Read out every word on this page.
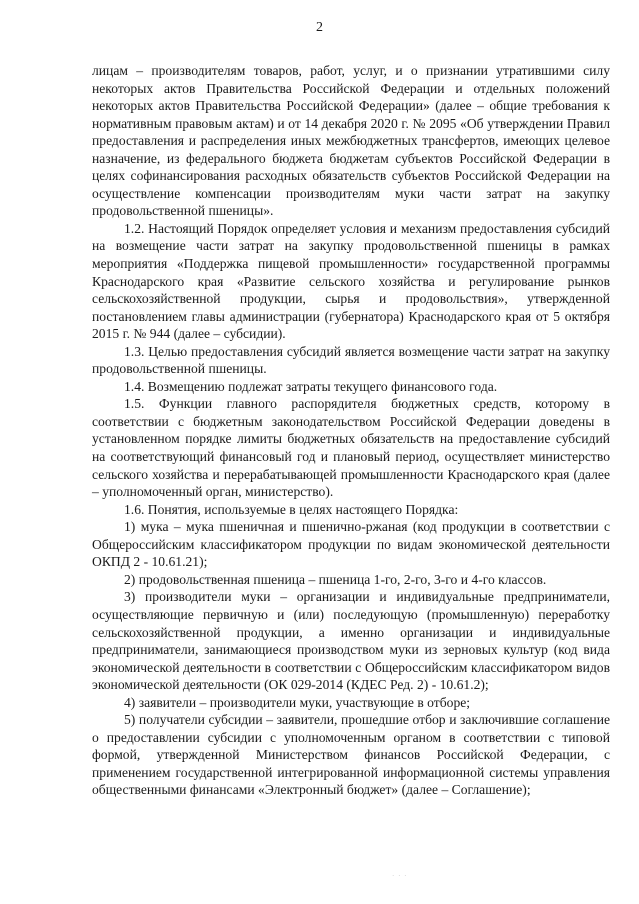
2

лицам – производителям товаров, работ, услуг, и о признании утратившими силу некоторых актов Правительства Российской Федерации и отдельных положений некоторых актов Правительства Российской Федерации» (далее – общие требования к нормативным правовым актам) и от 14 декабря 2020 г. № 2095 «Об утверждении Правил предоставления и распределения иных межбюджетных трансфертов, имеющих целевое назначение, из федерального бюджета бюджетам субъектов Российской Федерации в целях софинансирования расходных обязательств субъектов Российской Федерации на осуществление компенсации производителям муки части затрат на закупку продовольственной пшеницы».

1.2. Настоящий Порядок определяет условия и механизм предоставления субсидий на возмещение части затрат на закупку продовольственной пшеницы в рамках мероприятия «Поддержка пищевой промышленности» государственной программы Краснодарского края «Развитие сельского хозяйства и регулирование рынков сельскохозяйственной продукции, сырья и продовольствия», утвержденной постановлением главы администрации (губернатора) Краснодарского края от 5 октября 2015 г. № 944 (далее – субсидии).

1.3. Целью предоставления субсидий является возмещение части затрат на закупку продовольственной пшеницы.

1.4. Возмещению подлежат затраты текущего финансового года.

1.5. Функции главного распорядителя бюджетных средств, которому в соответствии с бюджетным законодательством Российской Федерации доведены в установленном порядке лимиты бюджетных обязательств на предоставление субсидий на соответствующий финансовый год и плановый период, осуществляет министерство сельского хозяйства и перерабатывающей промышленности Краснодарского края (далее – уполномоченный орган, министерство).

1.6. Понятия, используемые в целях настоящего Порядка:

1) мука – мука пшеничная и пшенично-ржаная (код продукции в соответствии с Общероссийским классификатором продукции по видам экономической деятельности ОКПД 2 - 10.61.21);

2) продовольственная пшеница – пшеница 1-го, 2-го, 3-го и 4-го классов.

3) производители муки – организации и индивидуальные предприниматели, осуществляющие первичную и (или) последующую (промышленную) переработку сельскохозяйственной продукции, а именно организации и индивидуальные предприниматели, занимающиеся производством муки из зерновых культур (код вида экономической деятельности в соответствии с Общероссийским классификатором видов экономической деятельности (ОК 029-2014 (КДЕС Ред. 2) - 10.61.2);

4) заявители – производители муки, участвующие в отборе;

5) получатели субсидии – заявители, прошедшие отбор и заключившие соглашение о предоставлении субсидии с уполномоченным органом в соответствии с типовой формой, утвержденной Министерством финансов Российской Федерации, с применением государственной интегрированной информационной системы управления общественными финансами «Электронный бюджет» (далее – Соглашение);

· · ·
